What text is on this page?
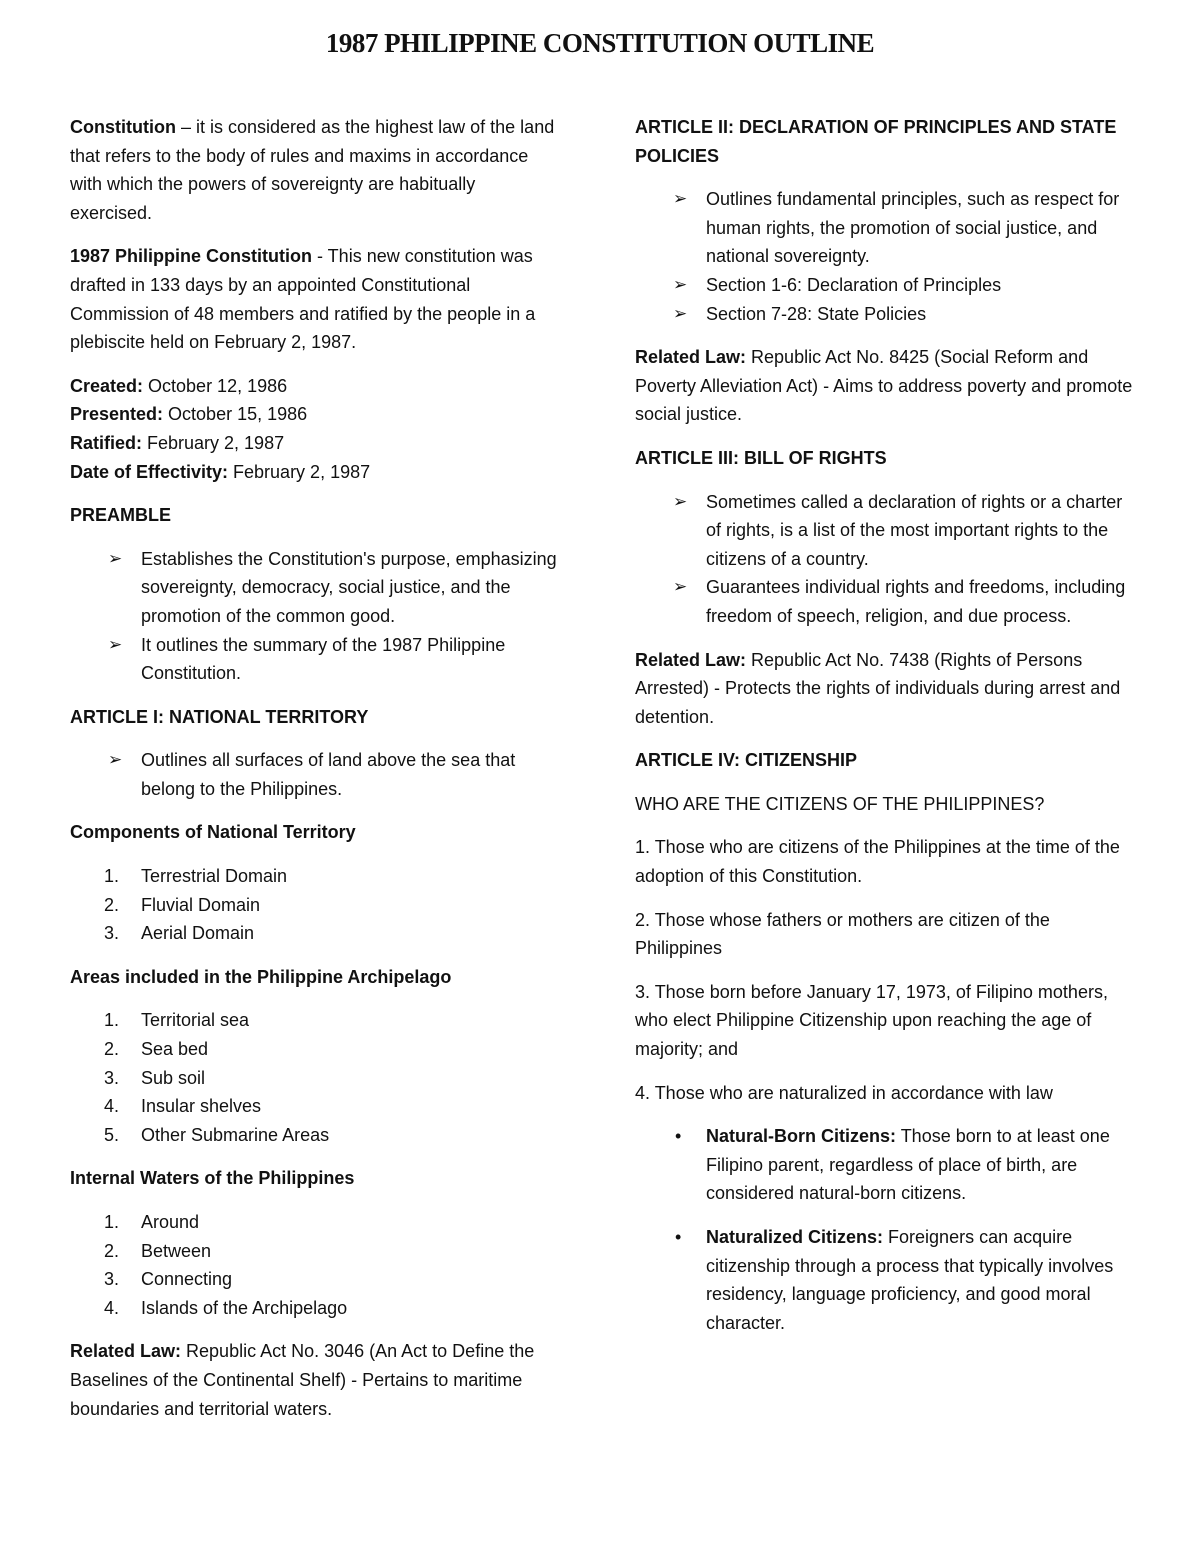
1987 PHILIPPINE CONSTITUTION OUTLINE

Constitution – it is considered as the highest law of the land that refers to the body of rules and maxims in accordance with which the powers of sovereignty are habitually exercised.

1987 Philippine Constitution - This new constitution was drafted in 133 days by an appointed Constitutional Commission of 48 members and ratified by the people in a plebiscite held on February 2, 1987.

Created: October 12, 1986

Presented: October 15, 1986

Ratified: February 2, 1987

Date of Effectivity: February 2, 1987

PREAMBLE
➢ Establishes the Constitution's purpose, emphasizing sovereignty, democracy, social justice, and the promotion of the common good.
➢ It outlines the summary of the 1987 Philippine Constitution.
ARTICLE I: NATIONAL TERRITORY
➢ Outlines all surfaces of land above the sea that belong to the Philippines.
Components of National Territory
1. Terrestrial Domain
2. Fluvial Domain
3. Aerial Domain
Areas included in the Philippine Archipelago
1. Territorial sea
2. Sea bed
3. Sub soil
4. Insular shelves
5. Other Submarine Areas
Internal Waters of the Philippines
1. Around
2. Between
3. Connecting
4. Islands of the Archipelago

Related Law: Republic Act No. 3046 (An Act to Define the Baselines of the Continental Shelf) - Pertains to maritime boundaries and territorial waters.

ARTICLE II: DECLARATION OF PRINCIPLES AND STATE POLICIES
➢ Outlines fundamental principles, such as respect for human rights, the promotion of social justice, and national sovereignty.
➢ Section 1-6: Declaration of Principles
➢ Section 7-28: State Policies

Related Law: Republic Act No. 8425 (Social Reform and Poverty Alleviation Act) - Aims to address poverty and promote social justice.

ARTICLE III: BILL OF RIGHTS
➢ Sometimes called a declaration of rights or a charter of rights, is a list of the most important rights to the citizens of a country.
➢ Guarantees individual rights and freedoms, including freedom of speech, religion, and due process.

Related Law: Republic Act No. 7438 (Rights of Persons Arrested) - Protects the rights of individuals during arrest and detention.

ARTICLE IV: CITIZENSHIP
WHO ARE THE CITIZENS OF THE PHILIPPINES?

1. Those who are citizens of the Philippines at the time of the adoption of this Constitution.

2. Those whose fathers or mothers are citizen of the Philippines

3. Those born before January 17, 1973, of Filipino mothers, who elect Philippine Citizenship upon reaching the age of majority; and

4. Those who are naturalized in accordance with law

• Natural-Born Citizens: Those born to at least one Filipino parent, regardless of place of birth, are considered natural-born citizens.
• Naturalized Citizens: Foreigners can acquire citizenship through a process that typically involves residency, language proficiency, and good moral character.
